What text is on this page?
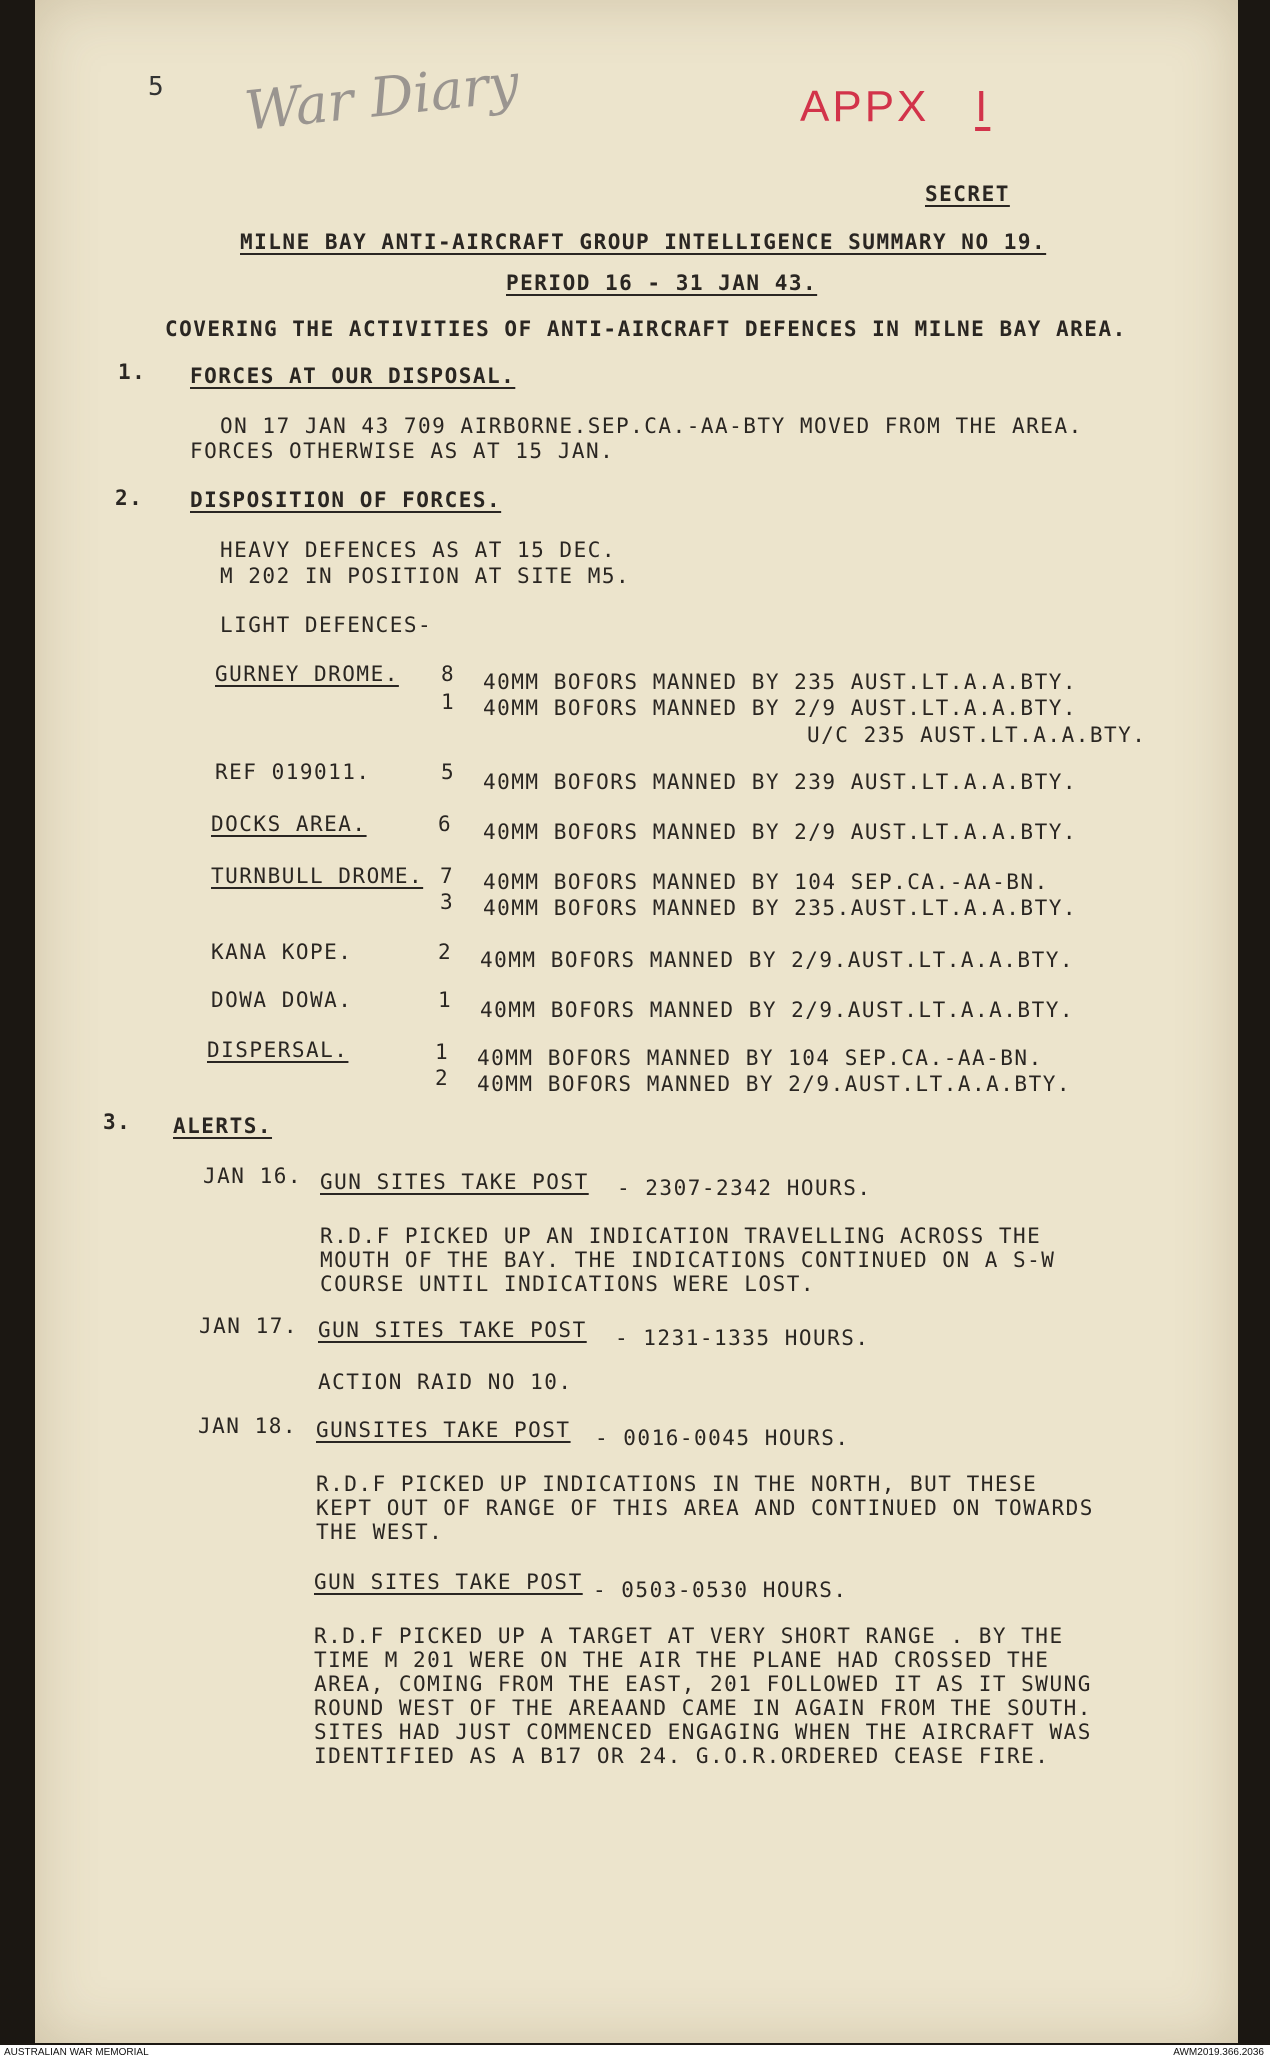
5 War Diary	APPX I
SECRET
MILNE BAY ANTI-AIRCRAFT GROUP INTELLIGENCE SUMMARY NO 19.
PERIOD 16 - 31 JAN 43.
COVERING THE ACTIVITIES OF ANTI-AIRCRAFT DEFENCES IN MILNE BAY AREA.
1. FORCES AT OUR DISPOSAL.
ON 17 JAN 43 709 AIRBORNE.SEP.CA.-AA-BTY MOVED FROM THE AREA.
FORCES OTHERWISE AS AT 15 JAN.
2. DISPOSITION OF FORCES.
HEAVY DEFENCES AS AT 15 DEC.
M 202 IN POSITION AT SITE M5.
LIGHT DEFENCES-
GURNEY DROME. 8 40MM BOFORS MANNED BY 235 AUST.LT.A.A.BTY.
1 40MM BOFORS MANNED BY 2/9 AUST.LT.A.A.BTY.
U/C 235 AUST.LT.A.A.BTY.
REF 019011.	5 40MM BOFORS MANNED BY 239 AUST.LT.A.A.BTY.
DOCKS AREA.	6 40MM BOFORS MANNED BY 2/9 AUST.LT.A.A.BTY.
TURNBULL DROME. 7 40MM BOFORS MANNED BY 104 SEP.CA.-AA-BN.
3 40MM BOFORS MANNED BY 235.AUST.LT.A.A.BTY.
KANA KOPE.	2 40MM BOFORS MANNED BY 2/9.AUST.LT.A.A.BTY.
DOWA DOWA.	1 40MM BOFORS MANNED BY 2/9.AUST.LT.A.A.BTY.
DISPERSAL.	1 40MM BOFORS MANNED BY 104 SEP.CA.-AA-BN.
2 40MM BOFORS MANNED BY 2/9.AUST.LT.A.A.BTY.
3. ALERTS.
JAN 16. GUN SITES TAKE POST - 2307-2342 HOURS.
R.D.F PICKED UP AN INDICATION TRAVELLING ACROSS THE
MOUTH OF THE BAY. THE INDICATIONS CONTINUED ON A S-W
COURSE UNTIL INDICATIONS WERE LOST.
JAN 17. GUN SITES TAKE POST - 1231-1335 HOURS.
ACTION RAID NO 10.
JAN 18. GUNSITES TAKE POST - 0016-0045 HOURS.
R.D.F PICKED UP INDICATIONS IN THE NORTH, BUT THESE
KEPT OUT OF RANGE OF THIS AREA AND CONTINUED ON TOWARDS
THE WEST.
GUN SITES TAKE POST - 0503-0530 HOURS.
R.D.F PICKED UP A TARGET AT VERY SHORT RANGE . BY THE
TIME M 201 WERE ON THE AIR THE PLANE HAD CROSSED THE
AREA, COMING FROM THE EAST, 201 FOLLOWED IT AS IT SWUNG
ROUND WEST OF THE AREAAND CAME IN AGAIN FROM THE SOUTH.
SITES HAD JUST COMMENCED ENGAGING WHEN THE AIRCRAFT WAS
IDENTIFIED AS A B17 OR 24. G.O.R.ORDERED CEASE FIRE.
AUSTRALIAN WAR MEMORIAL	AWM2019.366.2036
